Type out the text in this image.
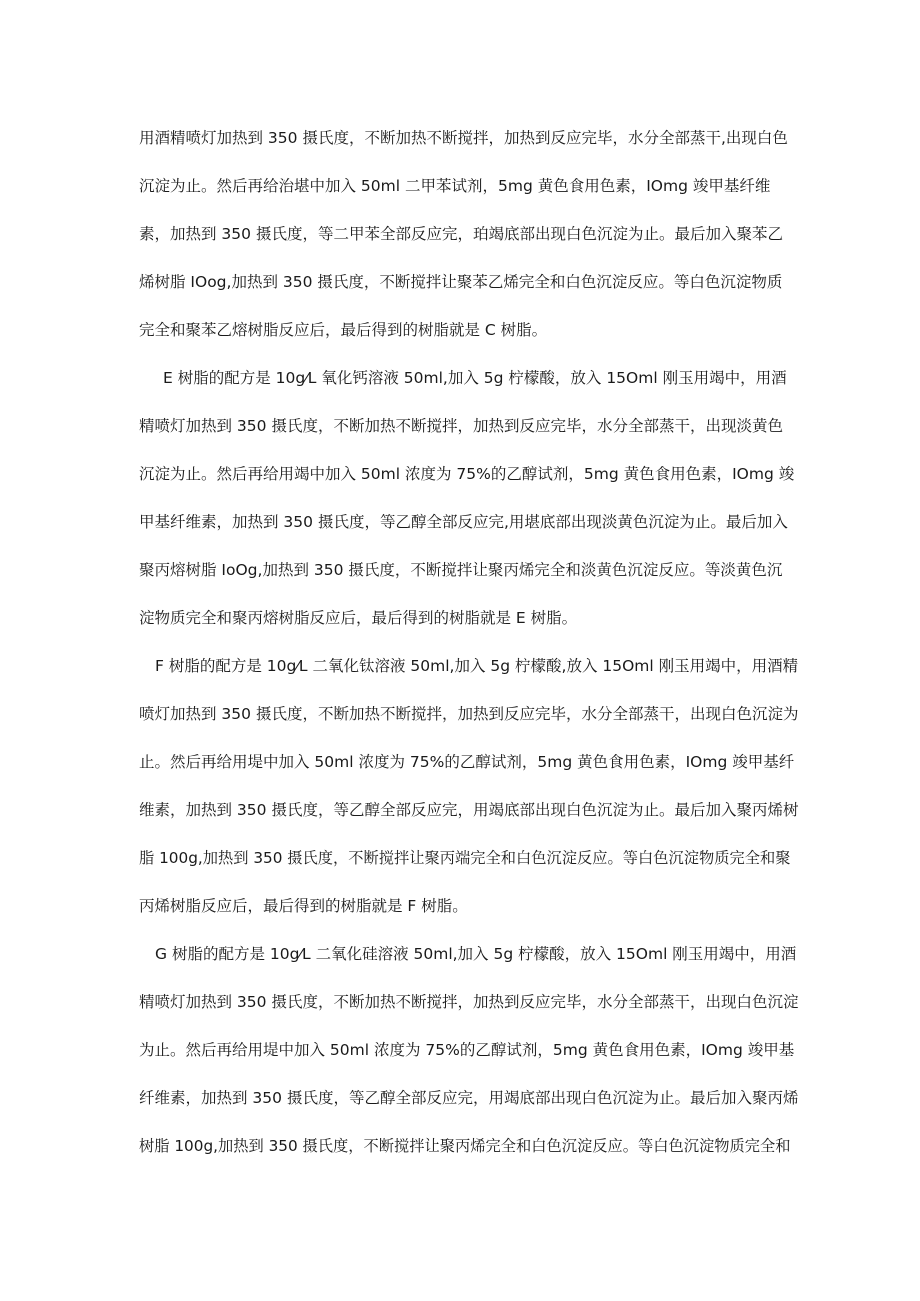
用酒精喷灯加热到 350 摄氏度，不断加热不断搅拌，加热到反应完毕，水分全部蒸干,出现白色
沉淀为止。然后再给治堪中加入 50ml 二甲苯试剂，5mg 黄色食用色素，IOmg 竣甲基纤维
素，加热到 350 摄氏度，等二甲苯全部反应完，珀竭底部出现白色沉淀为止。最后加入聚苯乙
烯树脂 IOog,加热到 350 摄氏度，不断搅拌让聚苯乙烯完全和白色沉淀反应。等白色沉淀物质
完全和聚苯乙熔树脂反应后，最后得到的树脂就是 C 树脂。
E 树脂的配方是 10g⁄L 氧化钙溶液 50ml,加入 5g 柠檬酸，放入 15Oml 刚玉用竭中，用酒
精喷灯加热到 350 摄氏度，不断加热不断搅拌，加热到反应完毕，水分全部蒸干，出现淡黄色
沉淀为止。然后再给用竭中加入 50ml 浓度为 75%的乙醇试剂，5mg 黄色食用色素，IOmg 竣
甲基纤维素，加热到 350 摄氏度，等乙醇全部反应完,用堪底部出现淡黄色沉淀为止。最后加入
聚丙熔树脂 IoOg,加热到 350 摄氏度，不断搅拌让聚丙烯完全和淡黄色沉淀反应。等淡黄色沉
淀物质完全和聚丙熔树脂反应后，最后得到的树脂就是 E 树脂。
F 树脂的配方是 10g⁄L 二氧化钛溶液 50ml,加入 5g 柠檬酸,放入 15Oml 刚玉用竭中，用酒精
喷灯加热到 350 摄氏度，不断加热不断搅拌，加热到反应完毕，水分全部蒸干，出现白色沉淀为
止。然后再给用堤中加入 50ml 浓度为 75%的乙醇试剂，5mg 黄色食用色素，IOmg 竣甲基纤
维素，加热到 350 摄氏度，等乙醇全部反应完，用竭底部出现白色沉淀为止。最后加入聚丙烯树
脂 100g,加热到 350 摄氏度，不断搅拌让聚丙端完全和白色沉淀反应。等白色沉淀物质完全和聚
丙烯树脂反应后，最后得到的树脂就是 F 树脂。
G 树脂的配方是 10g⁄L 二氧化硅溶液 50ml,加入 5g 柠檬酸，放入 15Oml 刚玉用竭中，用酒
精喷灯加热到 350 摄氏度，不断加热不断搅拌，加热到反应完毕，水分全部蒸干，出现白色沉淀
为止。然后再给用堤中加入 50ml 浓度为 75%的乙醇试剂，5mg 黄色食用色素，IOmg 竣甲基
纤维素，加热到 350 摄氏度，等乙醇全部反应完，用竭底部出现白色沉淀为止。最后加入聚丙烯
树脂 100g,加热到 350 摄氏度，不断搅拌让聚丙烯完全和白色沉淀反应。等白色沉淀物质完全和
